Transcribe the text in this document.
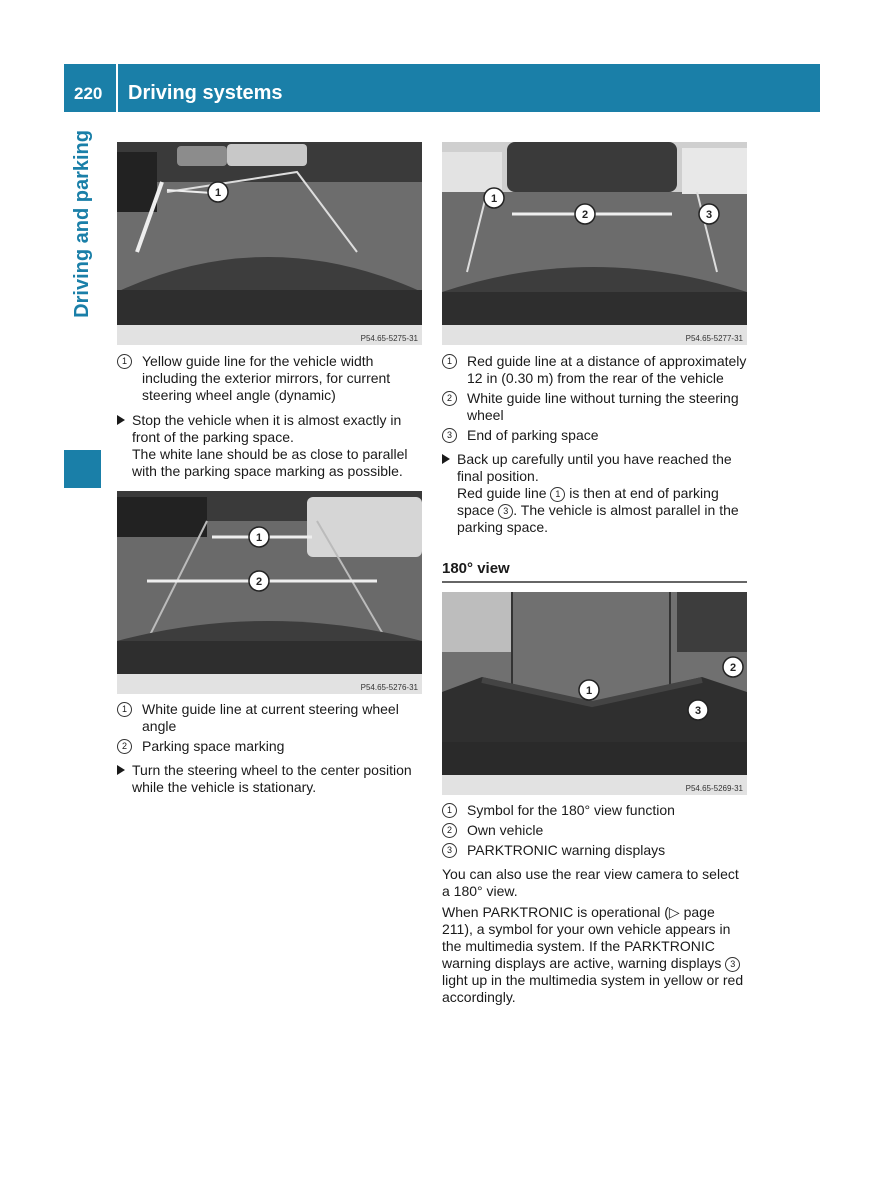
220 Driving systems
Driving and parking	1
P54.65-5275-31
1	Yellow guide line for the vehicle width including the exterior mirrors, for current steering wheel angle (dynamic)
Stop the vehicle when it is almost exactly in front of the parking space.
The white lane should be as close to parallel with the parking space marking as possible.
1
2
P54.65-5276-31
1	White guide line at current steering wheel angle
2	Parking space marking
Turn the steering wheel to the center position while the vehicle is stationary.
1
2	3
P54.65-5277-31
1	Red guide line at a distance of approximately 12 in (0.30 m) from the rear of the vehicle
2	White guide line without turning the steering wheel
3	End of parking space
Back up carefully until you have reached the final position.
Red guide line 1 is then at end of parking space 3 . The vehicle is almost parallel in the parking space.
180° view
1
2
3
P54.65-5269-31
1	Symbol for the 180° view function
2	Own vehicle
3	PARKTRONIC warning displays
You can also use the rear view camera to select a 180° view.
When PARKTRONIC is operational (▷ page 211), a symbol for your own vehicle appears in the multimedia system. If the PARKTRONIC warning displays are active, warning displays 3 light up in the multimedia system in yellow or red accordingly.
